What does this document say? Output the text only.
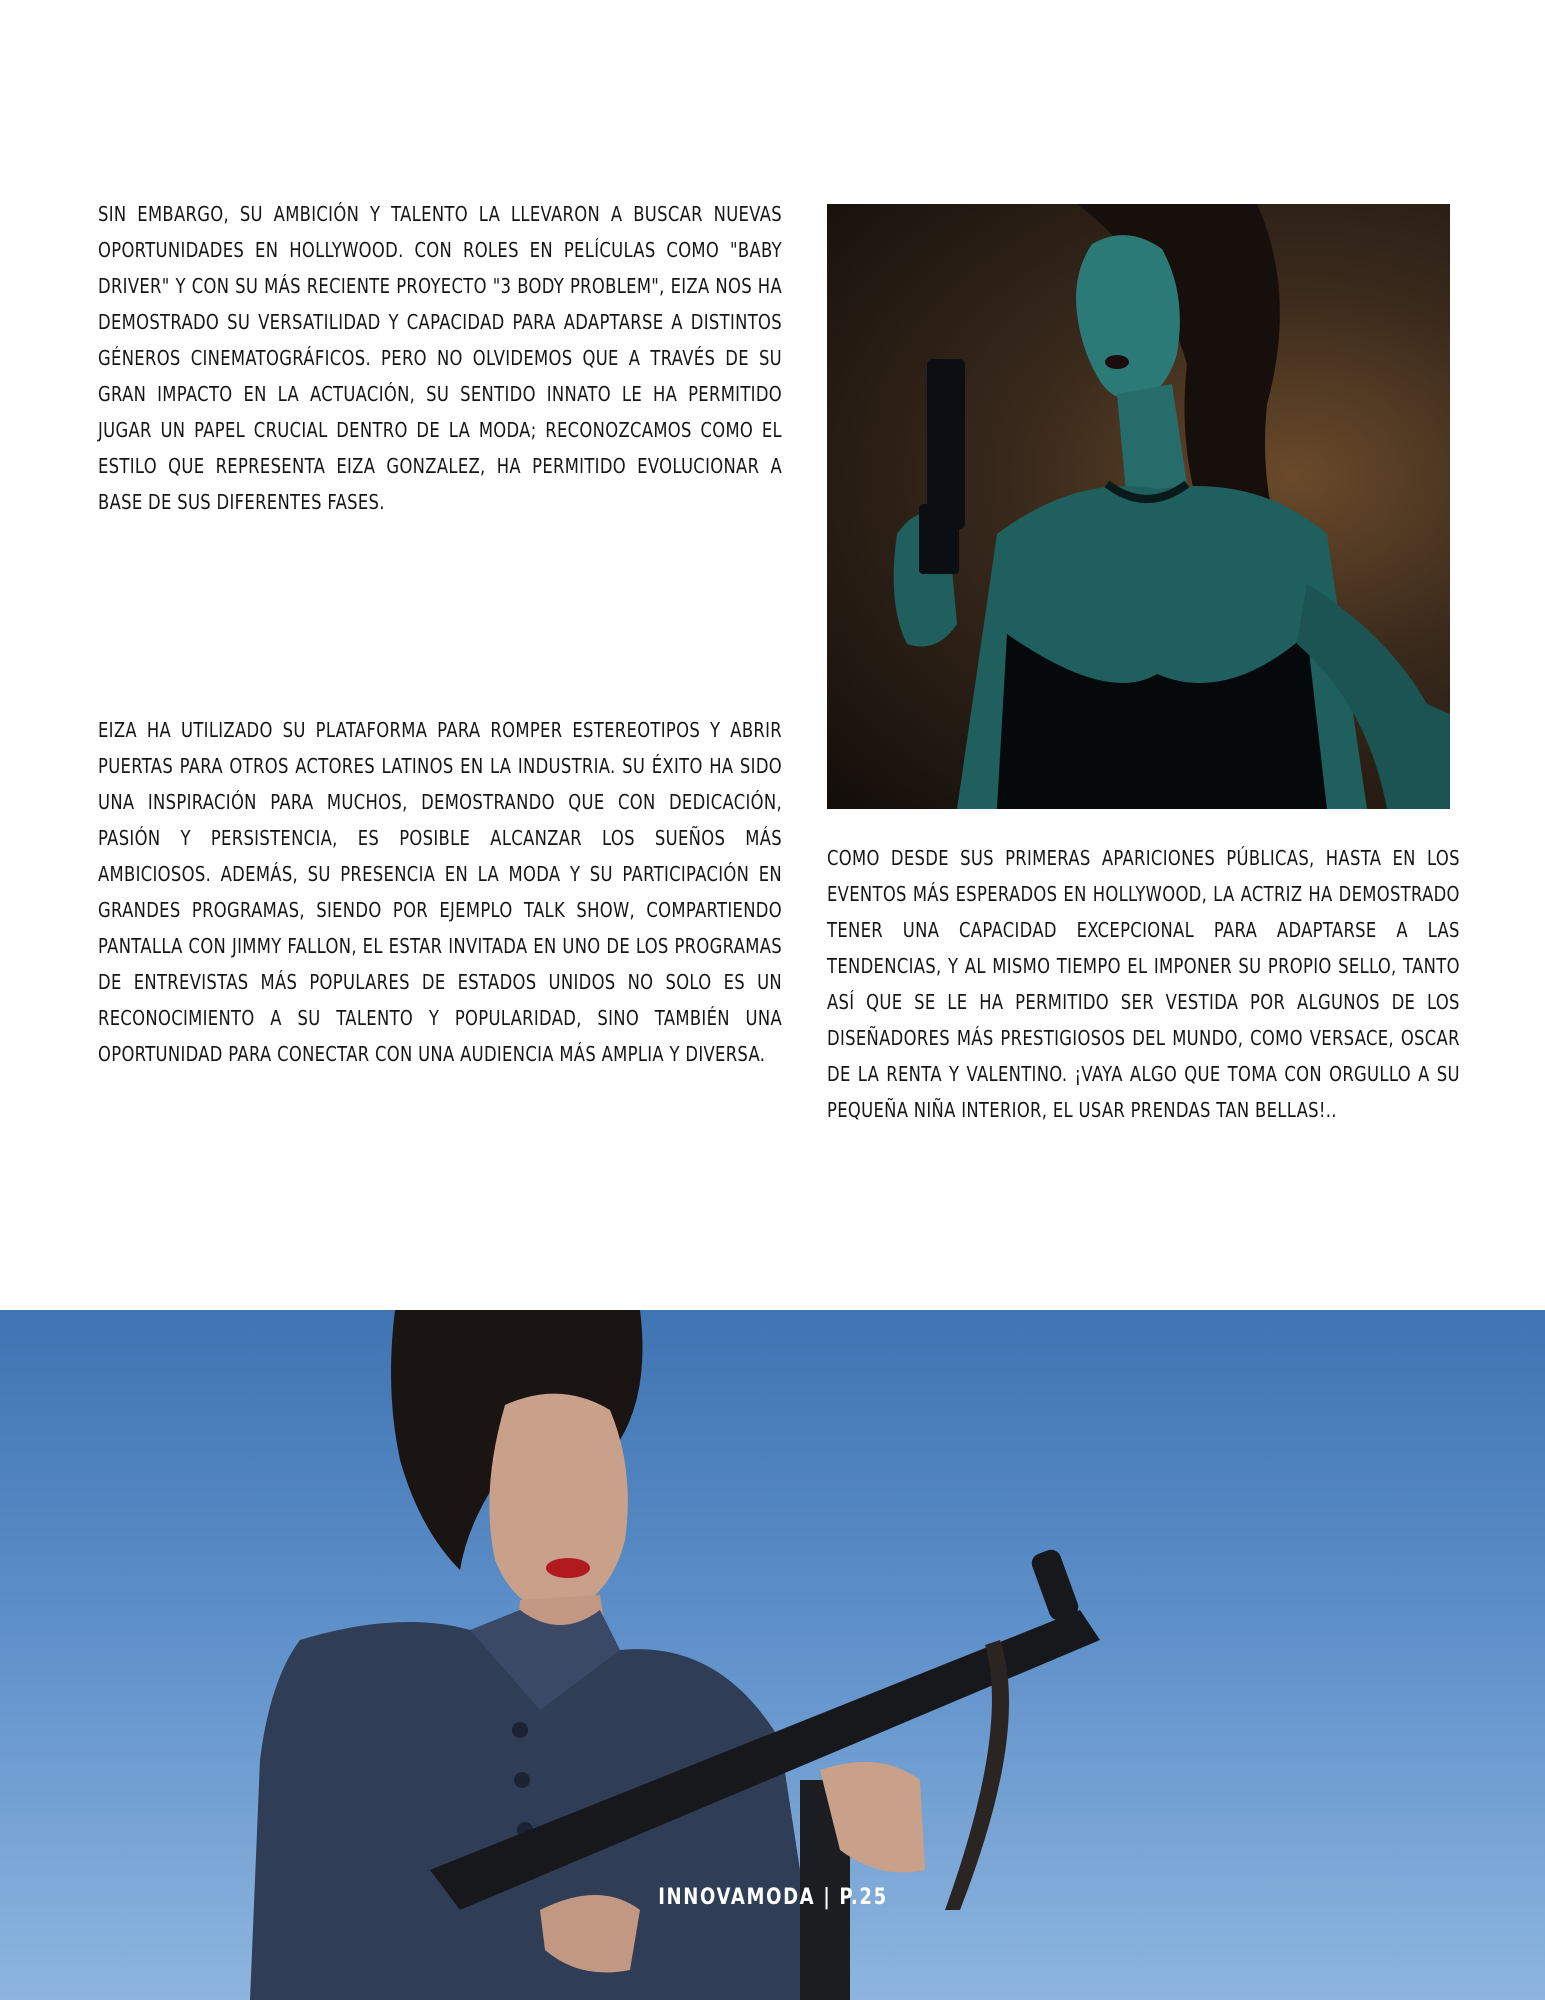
SIN EMBARGO, SU AMBICIÓN Y TALENTO LA LLEVARON A BUSCAR NUEVAS OPORTUNIDADES EN HOLLYWOOD. CON ROLES EN PELÍCULAS COMO "BABY DRIVER" Y CON SU MÁS RECIENTE PROYECTO "3 BODY PROBLEM", EIZA NOS HA DEMOSTRADO SU VERSATILIDAD Y CAPACIDAD PARA ADAPTARSE A DISTINTOS GÉNEROS CINEMATOGRÁFICOS. PERO NO OLVIDEMOS QUE A TRAVÉS DE SU GRAN IMPACTO EN LA ACTUACIÓN, SU SENTIDO INNATO LE HA PERMITIDO JUGAR UN PAPEL CRUCIAL DENTRO DE LA MODA; RECONOZCAMOS COMO EL ESTILO QUE REPRESENTA EIZA GONZALEZ, HA PERMITIDO EVOLUCIONAR A BASE DE SUS DIFERENTES FASES.

EIZA HA UTILIZADO SU PLATAFORMA PARA ROMPER ESTEREOTIPOS Y ABRIR PUERTAS PARA OTROS ACTORES LATINOS EN LA INDUSTRIA. SU ÉXITO HA SIDO UNA INSPIRACIÓN PARA MUCHOS, DEMOSTRANDO QUE CON DEDICACIÓN, PASIÓN Y PERSISTENCIA, ES POSIBLE ALCANZAR LOS SUEÑOS MÁS AMBICIOSOS. ADEMÁS, SU PRESENCIA EN LA MODA Y SU PARTICIPACIÓN EN GRANDES PROGRAMAS, SIENDO POR EJEMPLO TALK SHOW, COMPARTIENDO PANTALLA CON JIMMY FALLON, EL ESTAR INVITADA EN UNO DE LOS PROGRAMAS DE ENTREVISTAS MÁS POPULARES DE ESTADOS UNIDOS NO SOLO ES UN RECONOCIMIENTO A SU TALENTO Y POPULARIDAD, SINO TAMBIÉN UNA OPORTUNIDAD PARA CONECTAR CON UNA AUDIENCIA MÁS AMPLIA Y DIVERSA.

COMO DESDE SUS PRIMERAS APARICIONES PÚBLICAS, HASTA EN LOS EVENTOS MÁS ESPERADOS EN HOLLYWOOD, LA ACTRIZ HA DEMOSTRADO TENER UNA CAPACIDAD EXCEPCIONAL PARA ADAPTARSE A LAS TENDENCIAS, Y AL MISMO TIEMPO EL IMPONER SU PROPIO SELLO, TANTO ASÍ QUE SE LE HA PERMITIDO SER VESTIDA POR ALGUNOS DE LOS DISEÑADORES MÁS PRESTIGIOSOS DEL MUNDO, COMO VERSACE, OSCAR DE LA RENTA Y VALENTINO. ¡VAYA ALGO QUE TOMA CON ORGULLO A SU PEQUEÑA NIÑA INTERIOR, EL USAR PRENDAS TAN BELLAS!..

INNOVAMODA | P.25
